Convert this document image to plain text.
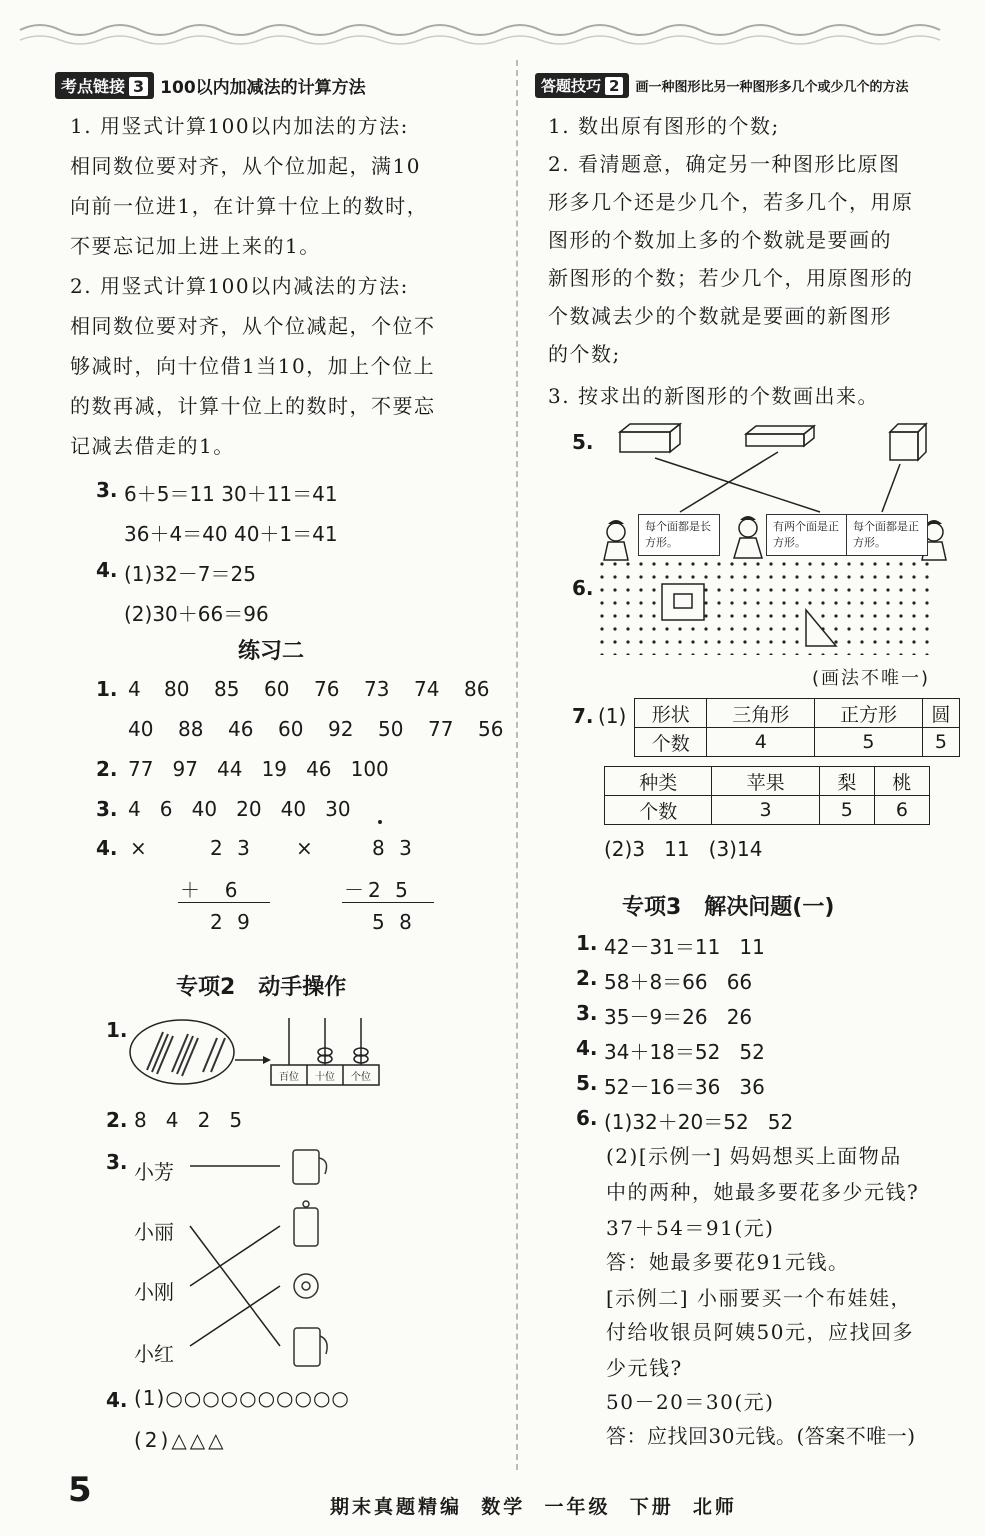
考点链接 3 100以内加减法的计算方法
1. 用竖式计算100以内加法的方法:
相同数位要对齐，从个位加起，满10
向前一位进1，在计算十位上的数时，
不要忘记加上进上来的1。
2. 用竖式计算100以内减法的方法:
相同数位要对齐，从个位减起，个位不
够减时，向十位借1当10，加上个位上
的数再减，计算十位上的数时，不要忘
记减去借走的1。
3. 6＋5＝11 30＋11＝41
36＋4＝40 40＋1＝41
4. (1)32－7＝25
(2)30＋66＝96
练习二
1. 4	80	85	60	76	73	74	86
40	88	46	60	92	50	77	56
2. 77   97   44   19   46   100
3. 4   6   40   20   40   30
4. ×	2 3
＋  6
2 9
×	8 3
－2 5
5 8
专项2   动手操作
1.
百位	十位	个位
2. 8   4   2   5
3. 小芳
小丽
小刚
小红
4. (1)○○○○○○○○○○
(2)△△△
答题技巧 2	画一种图形比另一种图形多几个或少几个的方法
1. 数出原有图形的个数;
2. 看清题意，确定另一种图形比原图
形多几个还是少几个，若多几个，用原
图形的个数加上多的个数就是要画的
新图形的个数；若少几个，用原图形的
个数减去少的个数就是要画的新图形
的个数;
3. 按求出的新图形的个数画出来。
5.
每个面都是长方形。
有两个面是正方形。
每个面都是正方形。
6.
(画法不唯一)
7. (1) 形状	三角形	正方形	圆
个数	4	5	5
种类	苹果	梨	桃
个数	3	5	6
(2)3   11   (3)14
专项3   解决问题(一)
1. 42－31＝11   11
2. 58＋8＝66   66
3. 35－9＝26   26
4. 34＋18＝52   52
5. 52－16＝36   36
6. (1)32＋20＝52   52
(2)[示例一] 妈妈想买上面物品
中的两种，她最多要花多少元钱?
37＋54＝91(元)
答：她最多要花91元钱。
[示例二] 小丽要买一个布娃娃，
付给收银员阿姨50元，应找回多
少元钱?
50－20＝30(元)
答：应找回30元钱。(答案不唯一)
5	期末真题精编  数学  一年级  下册  北师
